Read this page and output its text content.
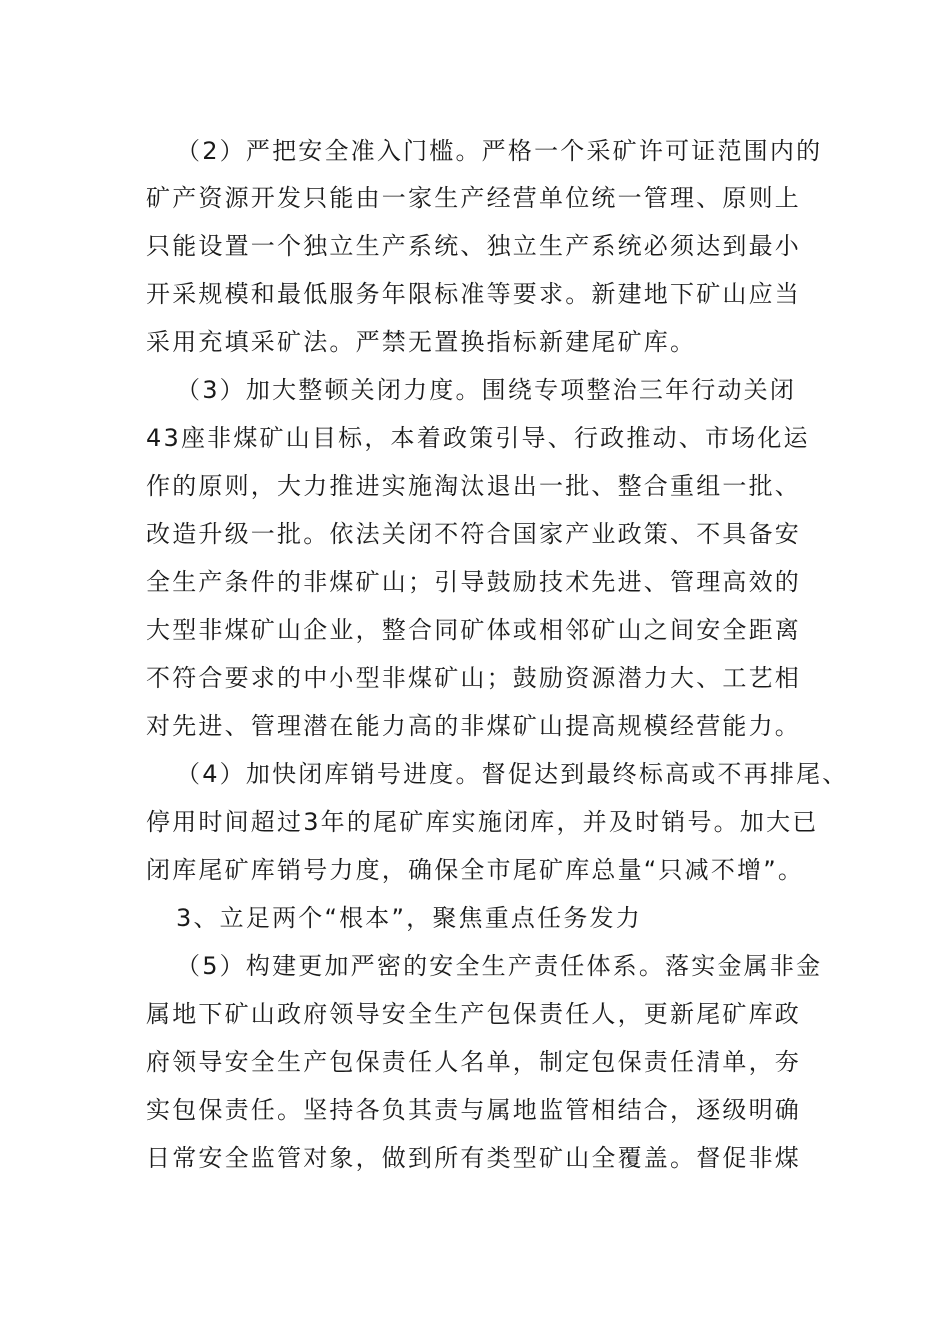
（2）严把安全准入门槛。严格一个采矿许可证范围内的
矿产资源开发只能由一家生产经营单位统一管理、原则上
只能设置一个独立生产系统、独立生产系统必须达到最小
开采规模和最低服务年限标准等要求。新建地下矿山应当
采用充填采矿法。严禁无置换指标新建尾矿库。
（3）加大整顿关闭力度。围绕专项整治三年行动关闭
43座非煤矿山目标，本着政策引导、行政推动、市场化运
作的原则，大力推进实施淘汰退出一批、整合重组一批、
改造升级一批。依法关闭不符合国家产业政策、不具备安
全生产条件的非煤矿山；引导鼓励技术先进、管理高效的
大型非煤矿山企业，整合同矿体或相邻矿山之间安全距离
不符合要求的中小型非煤矿山；鼓励资源潜力大、工艺相
对先进、管理潜在能力高的非煤矿山提高规模经营能力。
（4）加快闭库销号进度。督促达到最终标高或不再排尾、
停用时间超过3年的尾矿库实施闭库，并及时销号。加大已
闭库尾矿库销号力度，确保全市尾矿库总量“只减不增”。
3、立足两个“根本”，聚焦重点任务发力
（5）构建更加严密的安全生产责任体系。落实金属非金
属地下矿山政府领导安全生产包保责任人，更新尾矿库政
府领导安全生产包保责任人名单，制定包保责任清单，夯
实包保责任。坚持各负其责与属地监管相结合，逐级明确
日常安全监管对象，做到所有类型矿山全覆盖。督促非煤
